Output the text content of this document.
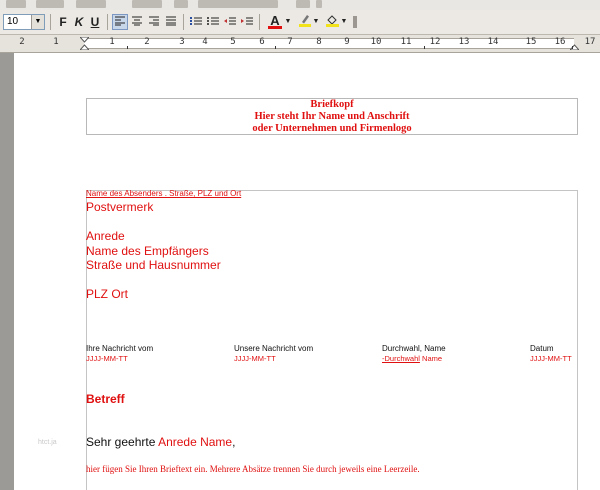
10	▼	F K U	A ▼	▼	▼
2	1	1	2	3 4	5	6	7	8	9 10 11 12 13 14	15 16 17
Briefkopf
Hier steht Ihr Name und Anschrift
oder Unternehmen und Firmenlogo
Name des Absenders . Straße, PLZ und Ort
Postvermerk
Anrede
Name des Empfängers
Straße und Hausnummer
PLZ Ort
Ihre Nachricht vom	Unsere Nachricht vom	Durchwahl, Name	Datum
JJJJ-MM-TT	JJJJ-MM-TT	-Durchwahl Name	JJJJ-MM-TT
Betreff
htct.ja Sehr geehrte Anrede Name,
hier fügen Sie Ihren Brieftext ein. Mehrere Absätze trennen Sie durch jeweils eine Leerzeile.
